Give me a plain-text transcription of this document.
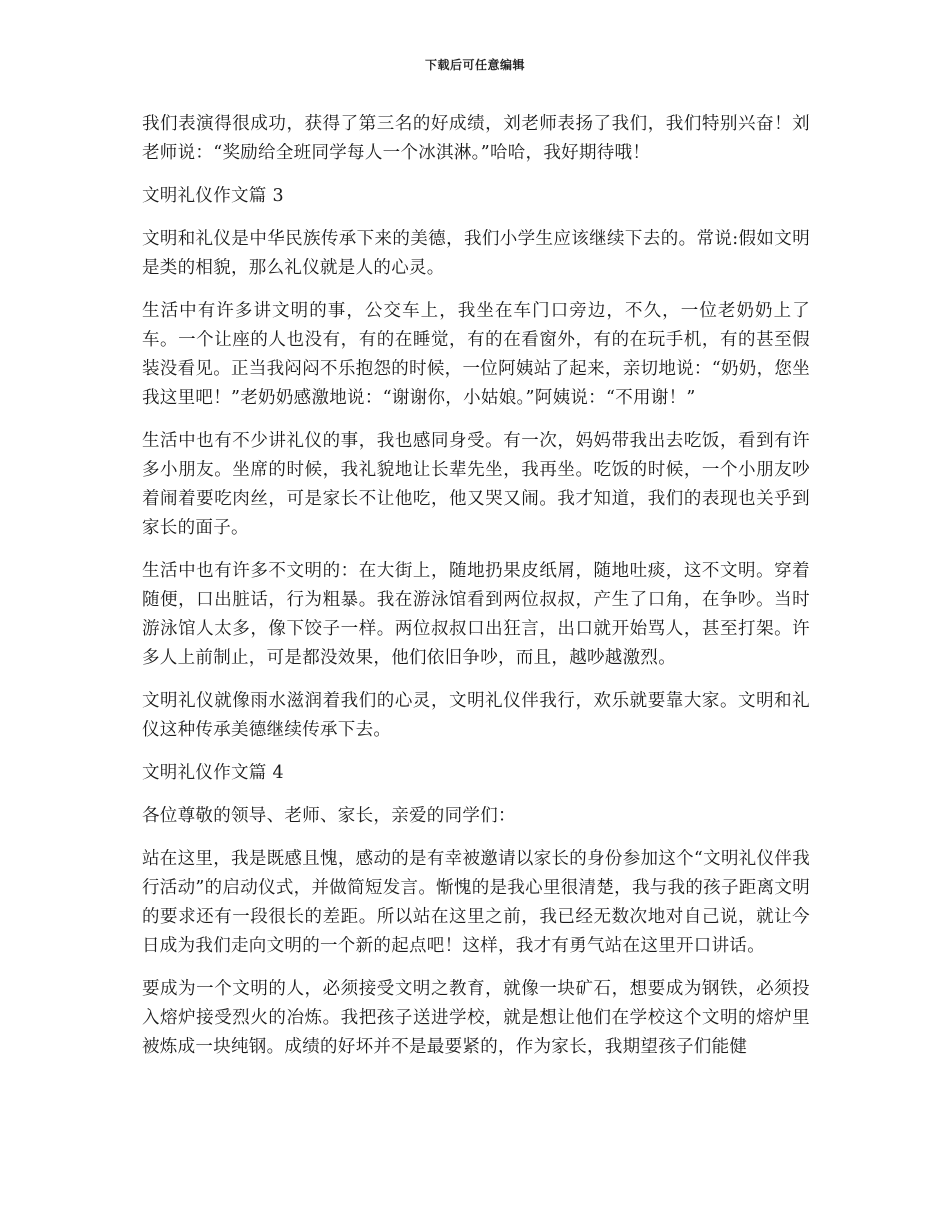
下载后可任意编辑

我们表演得很成功，获得了第三名的好成绩，刘老师表扬了我们，我们特别兴奋！刘老师说：“奖励给全班同学每人一个冰淇淋。”哈哈，我好期待哦！

文明礼仪作文篇 3

文明和礼仪是中华民族传承下来的美德，我们小学生应该继续下去的。常说:假如文明是类的相貌，那么礼仪就是人的心灵。

生活中有许多讲文明的事，公交车上，我坐在车门口旁边，不久，一位老奶奶上了车。一个让座的人也没有，有的在睡觉，有的在看窗外，有的在玩手机，有的甚至假装没看见。正当我闷闷不乐抱怨的时候，一位阿姨站了起来，亲切地说：“奶奶，您坐我这里吧！”老奶奶感激地说：“谢谢你，小姑娘。”阿姨说：“不用谢！”

生活中也有不少讲礼仪的事，我也感同身受。有一次，妈妈带我出去吃饭，看到有许多小朋友。坐席的时候，我礼貌地让长辈先坐，我再坐。吃饭的时候，一个小朋友吵着闹着要吃肉丝，可是家长不让他吃，他又哭又闹。我才知道，我们的表现也关乎到家长的面子。

生活中也有许多不文明的：在大街上，随地扔果皮纸屑，随地吐痰，这不文明。穿着随便，口出脏话，行为粗暴。我在游泳馆看到两位叔叔，产生了口角，在争吵。当时游泳馆人太多，像下饺子一样。两位叔叔口出狂言，出口就开始骂人，甚至打架。许多人上前制止，可是都没效果，他们依旧争吵，而且，越吵越激烈。

文明礼仪就像雨水滋润着我们的心灵，文明礼仪伴我行，欢乐就要靠大家。文明和礼仪这种传承美德继续传承下去。

文明礼仪作文篇 4

各位尊敬的领导、老师、家长，亲爱的同学们：

站在这里，我是既感且愧，感动的是有幸被邀请以家长的身份参加这个“文明礼仪伴我行活动”的启动仪式，并做简短发言。惭愧的是我心里很清楚，我与我的孩子距离文明的要求还有一段很长的差距。所以站在这里之前，我已经无数次地对自己说，就让今日成为我们走向文明的一个新的起点吧！这样，我才有勇气站在这里开口讲话。

要成为一个文明的人，必须接受文明之教育，就像一块矿石，想要成为钢铁，必须投入熔炉接受烈火的冶炼。我把孩子送进学校，就是想让他们在学校这个文明的熔炉里被炼成一块纯钢。成绩的好坏并不是最要紧的，作为家长，我期望孩子们能健
